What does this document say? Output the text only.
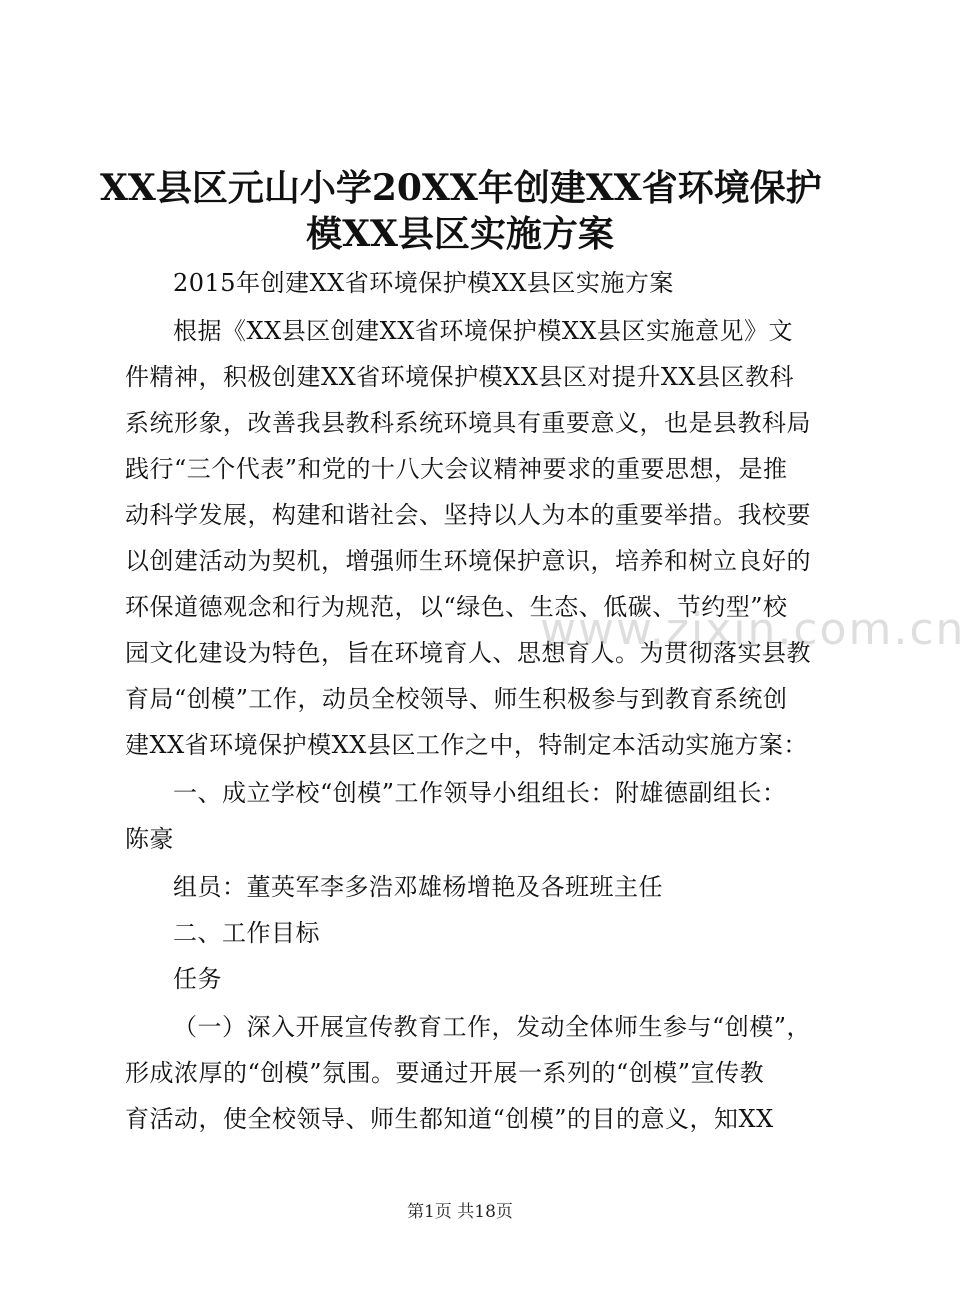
XX县区元山小学20XX年创建XX省环境保护
模XX县区实施方案
2015年创建XX省环境保护模XX县区实施方案
根据《XX县区创建XX省环境保护模XX县区实施意见》文
件精神，积极创建XX省环境保护模XX县区对提升XX县区教科
系统形象，改善我县教科系统环境具有重要意义，也是县教科局
践行“三个代表”和党的十八大会议精神要求的重要思想，是推
动科学发展，构建和谐社会、坚持以人为本的重要举措。我校要
以创建活动为契机，增强师生环境保护意识，培养和树立良好的
环保道德观念和行为规范，以“绿色、生态、低碳、节约型”校
园文化建设为特色，旨在环境育人、思想育人。为贯彻落实县教
育局“创模”工作，动员全校领导、师生积极参与到教育系统创
建XX省环境保护模XX县区工作之中，特制定本活动实施方案：
一、成立学校“创模”工作领导小组组长：附雄德副组长：
陈豪
组员：董英军李多浩邓雄杨增艳及各班班主任
二、工作目标
任务
（一）深入开展宣传教育工作，发动全体师生参与“创模”，
形成浓厚的“创模”氛围。要通过开展一系列的“创模”宣传教
育活动，使全校领导、师生都知道“创模”的目的意义，知XX
www.zixin.com.cn
第1页 共18页
